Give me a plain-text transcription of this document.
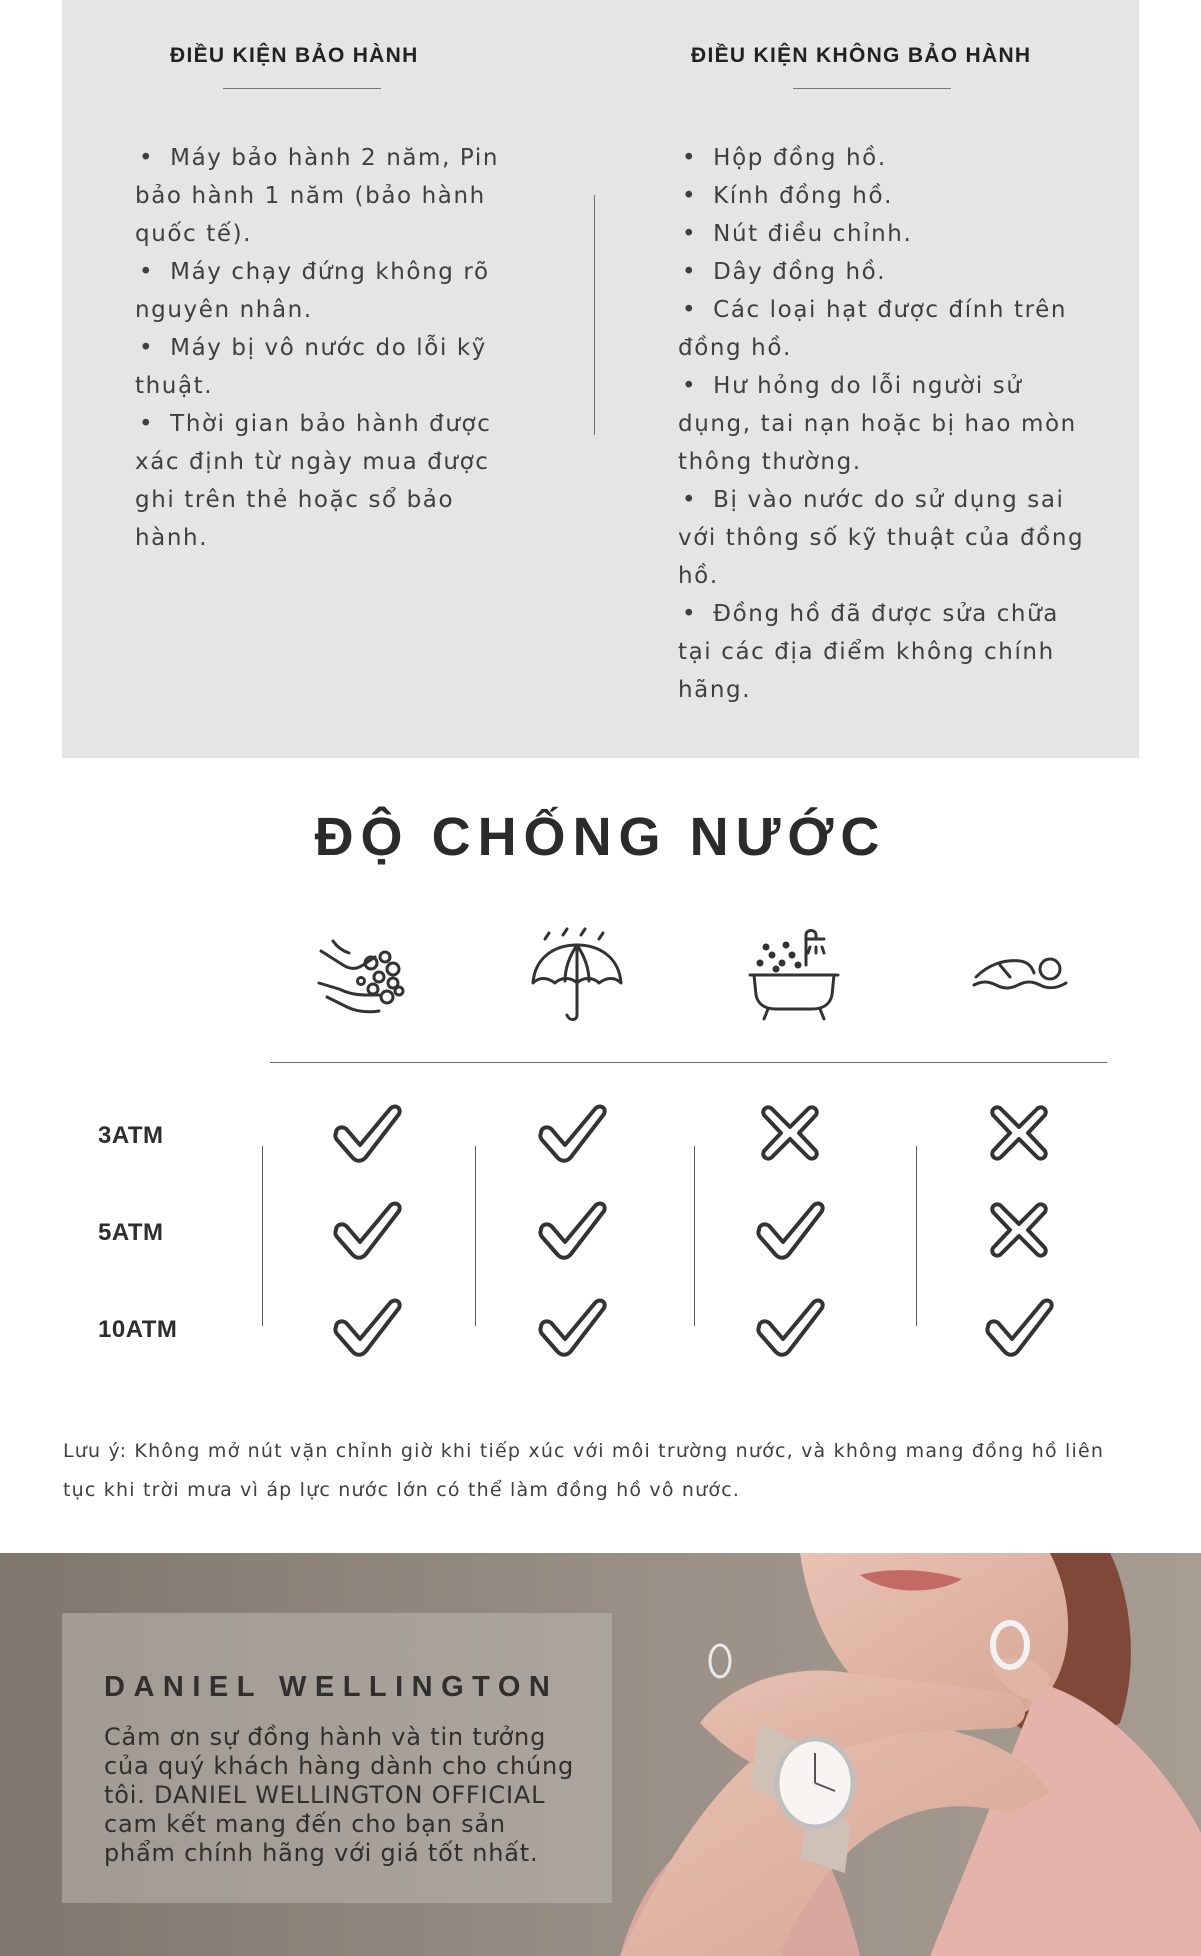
ĐIỀU KIỆN BẢO HÀNH
• Máy bảo hành 2 năm, Pin bảo hành 1 năm (bảo hành quốc tế).
• Máy chạy đứng không rõ nguyên nhân.
• Máy bị vô nước do lỗi kỹ thuật.
• Thời gian bảo hành được xác định từ ngày mua được ghi trên thẻ hoặc sổ bảo hành.
ĐIỀU KIỆN KHÔNG BẢO HÀNH
• Hộp đồng hồ.
• Kính đồng hồ.
• Nút điều chỉnh.
• Dây đồng hồ.
• Các loại hạt được đính trên đồng hồ.
• Hư hỏng do lỗi người sử dụng, tai nạn hoặc bị hao mòn thông thường.
• Bị vào nước do sử dụng sai với thông số kỹ thuật của đồng hồ.
• Đồng hồ đã được sửa chữa tại các địa điểm không chính hãng.
ĐỘ CHỐNG NƯỚC
3ATM
5ATM
10ATM

Lưu ý: Không mở nút vặn chỉnh giờ khi tiếp xúc với môi trường nước, và không mang đồng hồ liên tục khi trời mưa vì áp lực nước lớn có thể làm đồng hồ vô nước.

DANIEL WELLINGTON

Cảm ơn sự đồng hành và tin tưởng của quý khách hàng dành cho chúng tôi. DANIEL WELLINGTON OFFICIAL cam kết mang đến cho bạn sản phẩm chính hãng với giá tốt nhất.
